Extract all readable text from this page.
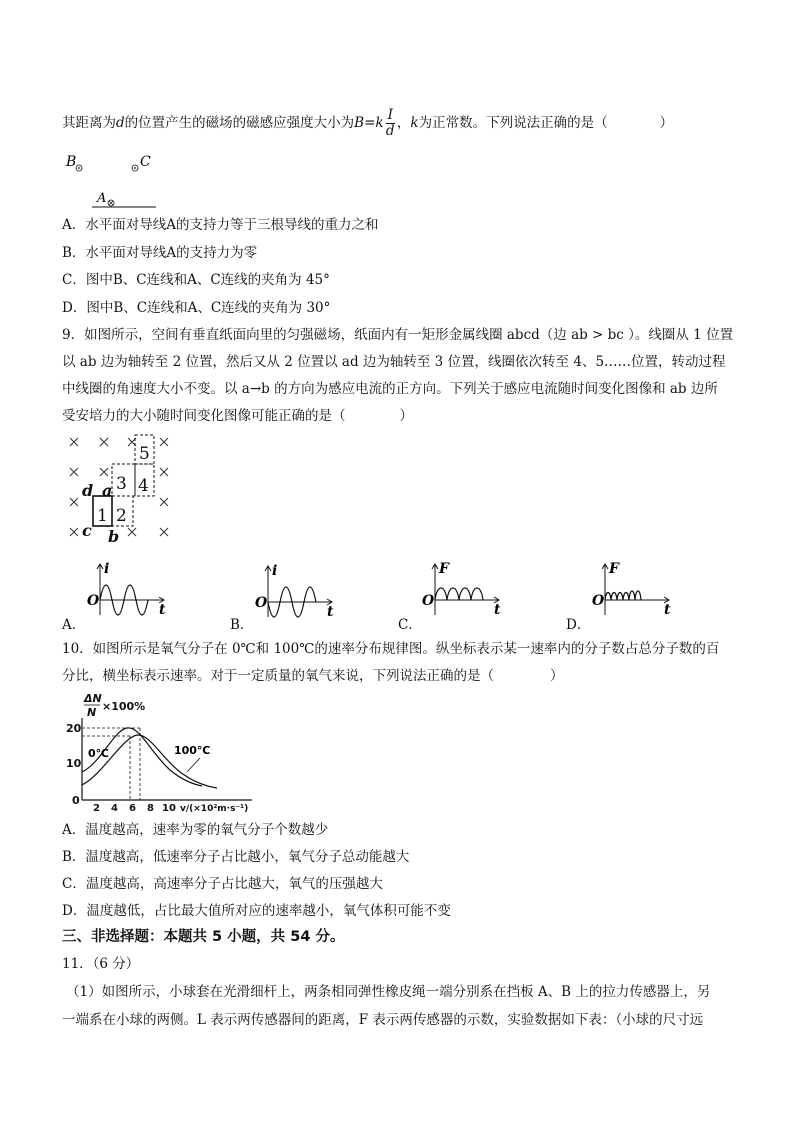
其距离为d的位置产生的磁场的磁感应强度大小为$B=k \frac{I}{d}$ ，k为正常数。下列说法正确的是（	）
B	C
A
A．水平面对导线A的支持力等于三根导线的重力之和
B．水平面对导线A的支持力为零
C．图中B、C连线和A、C连线的夹角为 45°
D．图中B、C连线和A、C连线的夹角为 30°
9．如图所示，空间有垂直纸面向里的匀强磁场，纸面内有一矩形金属线圈 abcd（边 ab > bc ）。线圈从 1 位置
以 ab 边为轴转至 2 位置，然后又从 2 位置以 ad 边为轴转至 3 位置，线圈依次转至 4、5……位置，转动过程
中线圈的角速度大小不变。以 a→b 的方向为感应电流的正方向。下列关于感应电流随时间变化图像和 ab 边所
受安培力的大小随时间变化图像可能正确的是（	）
5
4
3
2
1
d a
c b
A．
i
O
t
B．
i
O
t
C．
F
O
t
D．
F
O
t
10．如图所示是氧气分子在 0℃和 100℃的速率分布规律图。纵坐标表示某一速率内的分子数占总分子数的百
分比，横坐标表示速率。对于一定质量的氧气来说，下列说法正确的是（	）
ΔN
N ×100%
20
10
0
2 4 6 8 10 v/(×10²m·s⁻¹)
0℃	100℃
A．温度越高，速率为零的氧气分子个数越少
B．温度越高，低速率分子占比越小，氧气分子总动能越大
C．温度越高，高速率分子占比越大，氧气的压强越大
D．温度越低，占比最大值所对应的速率越小，氧气体积可能不变
三、非选择题：本题共 5 小题，共 54 分。
11．（6 分）
（1）如图所示，小球套在光滑细杆上，两条相同弹性橡皮绳一端分别系在挡板 A、B 上的拉力传感器上，另
一端系在小球的两侧。L 表示两传感器间的距离，F 表示两传感器的示数，实验数据如下表：（小球的尺寸远
